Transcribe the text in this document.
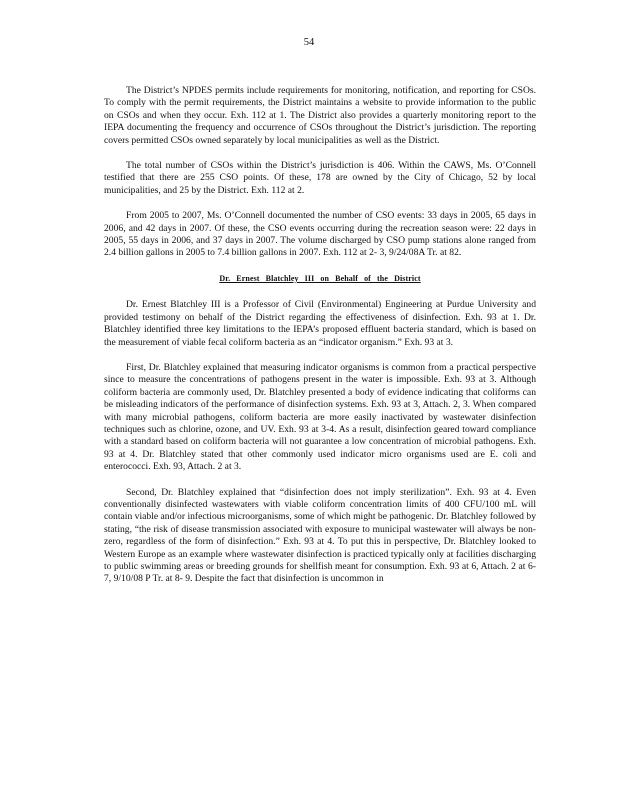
54

The District’s NPDES permits include requirements for monitoring, notification, and reporting for CSOs. To comply with the permit requirements, the District maintains a website to provide information to the public on CSOs and when they occur. Exh. 112 at 1. The District also provides a quarterly monitoring report to the IEPA documenting the frequency and occurrence of CSOs throughout the District’s jurisdiction. The reporting covers permitted CSOs owned separately by local municipalities as well as the District.

The total number of CSOs within the District’s jurisdiction is 406. Within the CAWS, Ms. O’Connell testified that there are 255 CSO points. Of these, 178 are owned by the City of Chicago, 52 by local municipalities, and 25 by the District. Exh. 112 at 2.

From 2005 to 2007, Ms. O’Connell documented the number of CSO events: 33 days in 2005, 65 days in 2006, and 42 days in 2007. Of these, the CSO events occurring during the recreation season were: 22 days in 2005, 55 days in 2006, and 37 days in 2007. The volume discharged by CSO pump stations alone ranged from 2.4 billion gallons in 2005 to 7.4 billion gallons in 2007. Exh. 112 at 2- 3, 9/24/08A Tr. at 82.

Dr. Ernest Blatchley III on Behalf of the District

Dr. Ernest Blatchley III is a Professor of Civil (Environmental) Engineering at Purdue University and provided testimony on behalf of the District regarding the effectiveness of disinfection. Exh. 93 at 1. Dr. Blatchley identified three key limitations to the IEPA’s proposed effluent bacteria standard, which is based on the measurement of viable fecal coliform bacteria as an “indicator organism.” Exh. 93 at 3.

First, Dr. Blatchley explained that measuring indicator organisms is common from a practical perspective since to measure the concentrations of pathogens present in the water is impossible. Exh. 93 at 3. Although coliform bacteria are commonly used, Dr. Blatchley presented a body of evidence indicating that coliforms can be misleading indicators of the performance of disinfection systems. Exh. 93 at 3, Attach. 2, 3. When compared with many microbial pathogens, coliform bacteria are more easily inactivated by wastewater disinfection techniques such as chlorine, ozone, and UV. Exh. 93 at 3-4. As a result, disinfection geared toward compliance with a standard based on coliform bacteria will not guarantee a low concentration of microbial pathogens. Exh. 93 at 4. Dr. Blatchley stated that other commonly used indicator micro organisms used are E. coli and enterococci. Exh. 93, Attach. 2 at 3.

Second, Dr. Blatchley explained that “disinfection does not imply sterilization”. Exh. 93 at 4. Even conventionally disinfected wastewaters with viable coliform concentration limits of 400 CFU/100 mL will contain viable and/or infectious microorganisms, some of which might be pathogenic. Dr. Blatchley followed by stating, “the risk of disease transmission associated with exposure to municipal wastewater will always be non-zero, regardless of the form of disinfection.” Exh. 93 at 4. To put this in perspective, Dr. Blatchley looked to Western Europe as an example where wastewater disinfection is practiced typically only at facilities discharging to public swimming areas or breeding grounds for shellfish meant for consumption. Exh. 93 at 6, Attach. 2 at 6-7, 9/10/08 P Tr. at 8- 9. Despite the fact that disinfection is uncommon in
